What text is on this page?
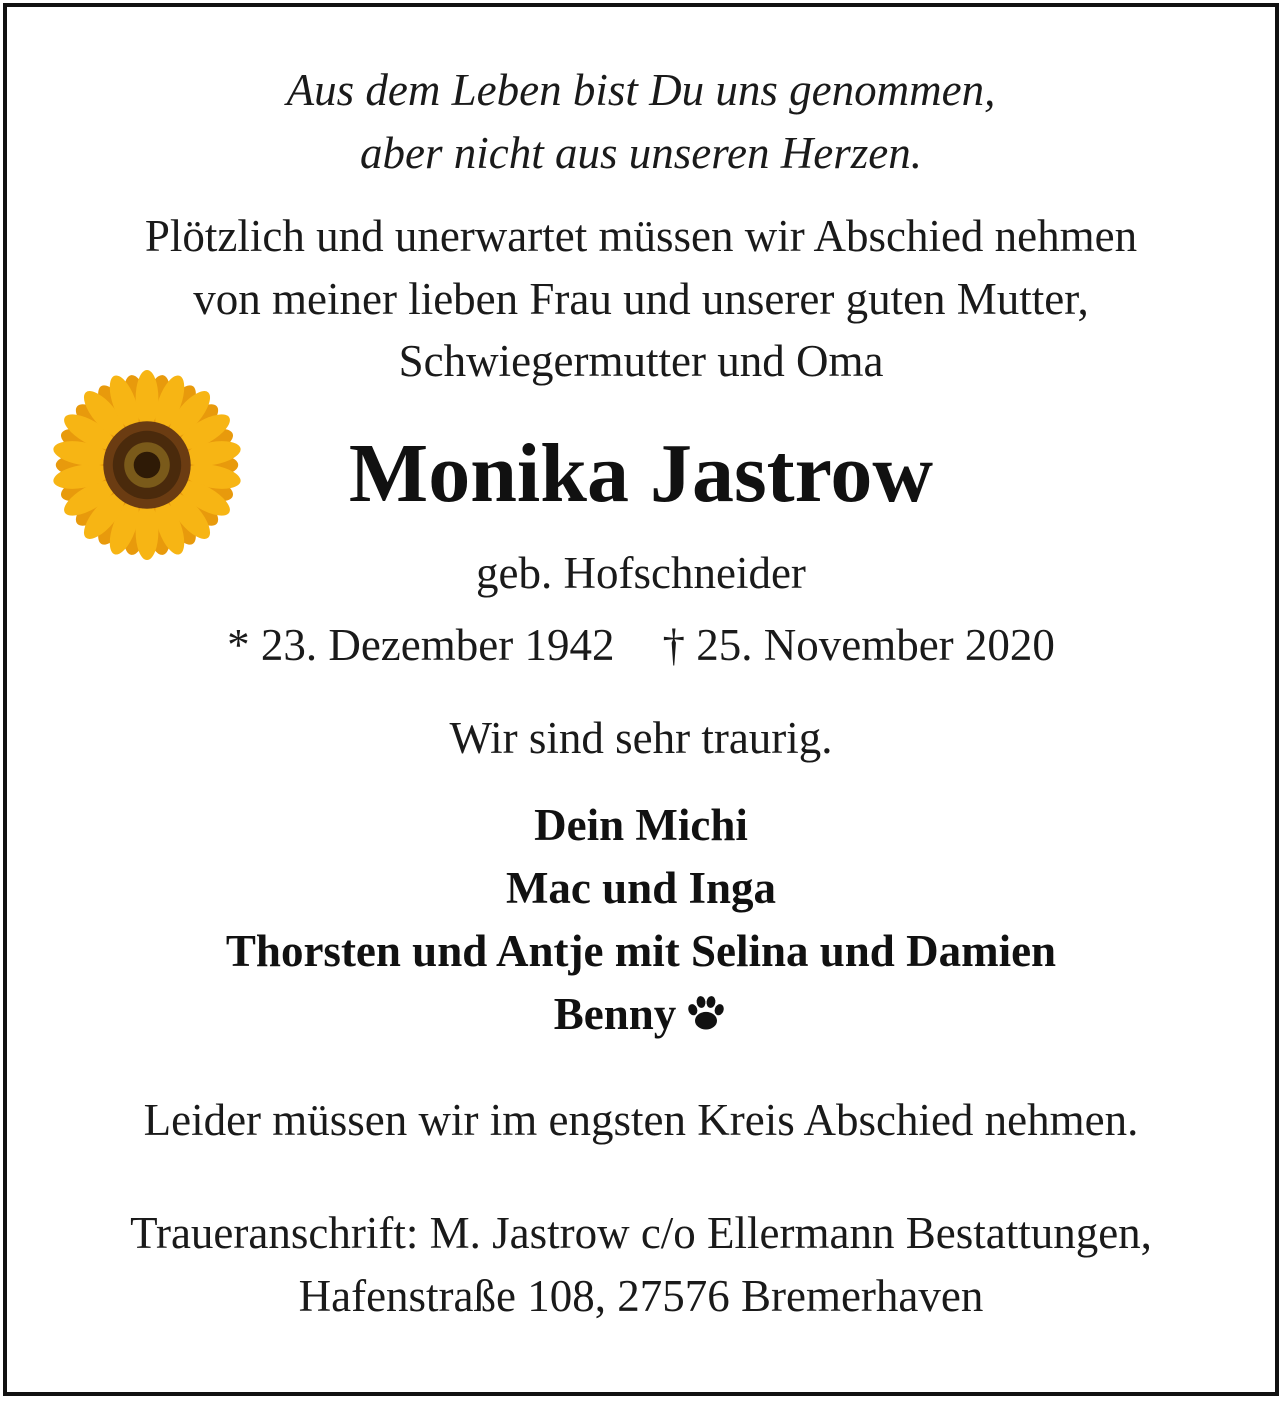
Aus dem Leben bist Du uns genommen,
aber nicht aus unseren Herzen.
Plötzlich und unerwartet müssen wir Abschied nehmen
von meiner lieben Frau und unserer guten Mutter,
Schwiegermutter und Oma
Monika Jastrow
geb. Hofschneider
* 23. Dezember 1942 † 25. November 2020
Wir sind sehr traurig.
Dein Michi
Mac und Inga
Thorsten und Antje mit Selina und Damien
Benny
Leider müssen wir im engsten Kreis Abschied nehmen.
Traueranschrift: M. Jastrow c/o Ellermann Bestattungen,
Hafenstraße 108, 27576 Bremerhaven
